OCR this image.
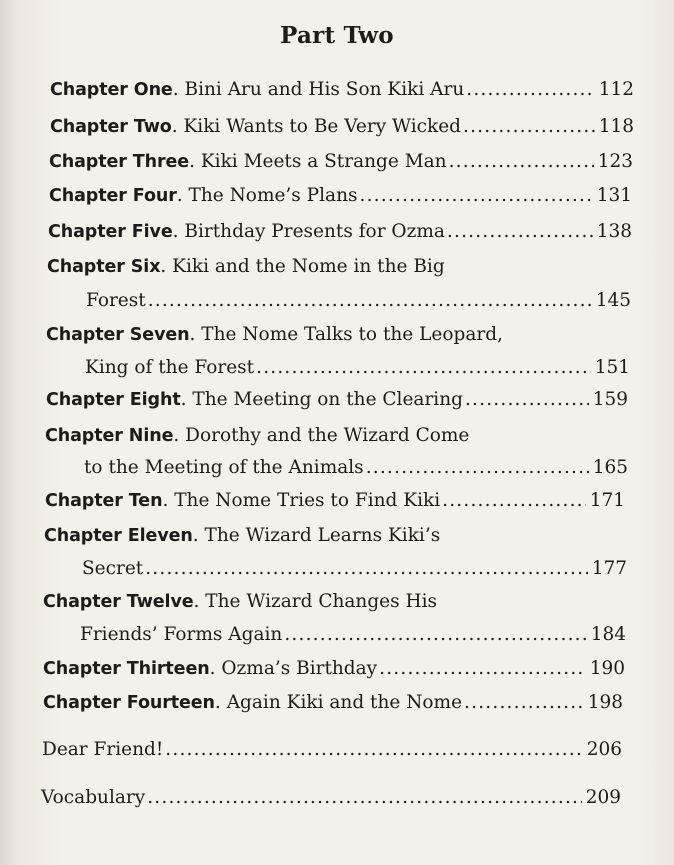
Part Two
Chapter One . Bini Aru and His Son Kiki Aru .....	112
Chapter Two . Kiki Wants to Be Very Wicked .....	118
Chapter Three . Kiki Meets a Strange Man .....	123
Chapter Four . The Nome’s Plans .....	131
Chapter Five . Birthday Presents for Ozma .....	138
Chapter Six . Kiki and the Nome in the Big
Forest .....	145
Chapter Seven . The Nome Talks to the Leopard,
King of the Forest .....	151
Chapter Eight . The Meeting on the Clearing .....	159
Chapter Nine . Dorothy and the Wizard Come
to the Meeting of the Animals .....	165
Chapter Ten . The Nome Tries to Find Kiki .....	171
Chapter Eleven . The Wizard Learns Kiki’s
Secret .....	177
Chapter Twelve . The Wizard Changes His
Friends’ Forms Again .....	184
Chapter Thirteen . Ozma’s Birthday .....	190
Chapter Fourteen . Again Kiki and the Nome .....	198
Dear Friend! .....	206
Vocabulary .....	209
